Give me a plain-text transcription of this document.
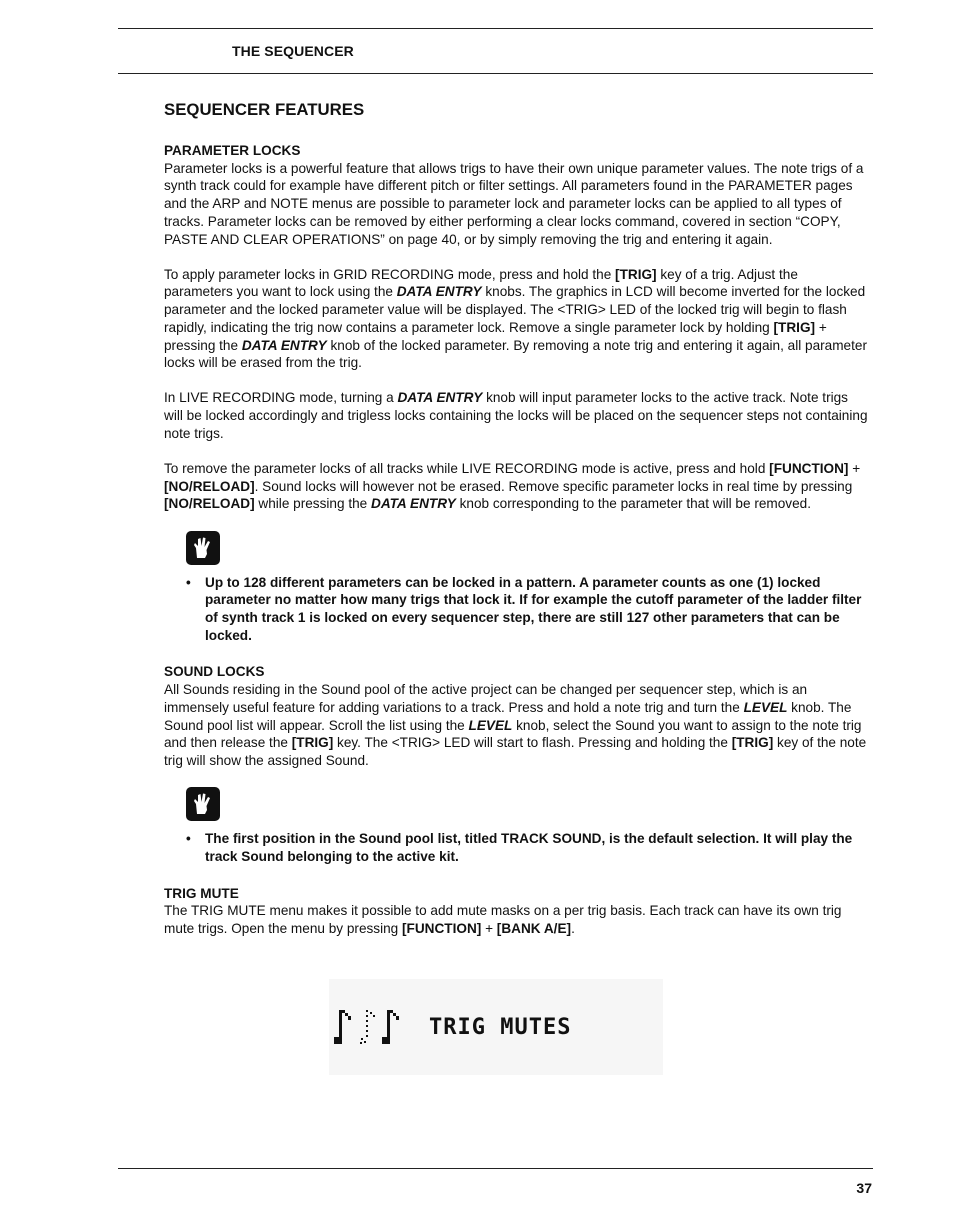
THE SEQUENCER
SEQUENCER FEATURES
PARAMETER LOCKS

Parameter locks is a powerful feature that allows trigs to have their own unique parameter values. The note trigs of a synth track could for example have different pitch or filter settings. All parameters found in the PARAMETER pages and the ARP and NOTE menus are possible to parameter lock and parameter locks can be applied to all types of tracks. Parameter locks can be removed by either performing a clear locks command, covered in section “COPY, PASTE AND CLEAR OPERATIONS” on page 40, or by simply removing the trig and entering it again.

To apply parameter locks in GRID RECORDING mode, press and hold the [TRIG] key of a trig. Adjust the parameters you want to lock using the DATA ENTRY knobs. The graphics in LCD will become inverted for the locked parameter and the locked parameter value will be displayed. The <TRIG> LED of the locked trig will begin to flash rapidly, indicating the trig now contains a parameter lock. Remove a single parameter lock by holding [TRIG] + pressing the DATA ENTRY knob of the locked parameter. By removing a note trig and entering it again, all parameter locks will be erased from the trig.

In LIVE RECORDING mode, turning a DATA ENTRY knob will input parameter locks to the active track. Note trigs will be locked accordingly and trigless locks containing the locks will be placed on the sequencer steps not containing note trigs.

To remove the parameter locks of all tracks while LIVE RECORDING mode is active, press and hold [FUNCTION] + [NO/RELOAD]. Sound locks will however not be erased. Remove specific parameter locks in real time by pressing [NO/RELOAD] while pressing the DATA ENTRY knob corresponding to the parameter that will be removed.

• Up to 128 different parameters can be locked in a pattern. A parameter counts as one (1) locked parameter no matter how many trigs that lock it. If for example the cutoff parameter of the ladder filter of synth track 1 is locked on every sequencer step, there are still 127 other parameters that can be locked.
SOUND LOCKS

All Sounds residing in the Sound pool of the active project can be changed per sequencer step, which is an immensely useful feature for adding variations to a track. Press and hold a note trig and turn the LEVEL knob. The Sound pool list will appear. Scroll the list using the LEVEL knob, select the Sound you want to assign to the note trig and then release the [TRIG] key. The <TRIG> LED will start to flash. Pressing and holding the [TRIG] key of the note trig will show the assigned Sound.

• The first position in the Sound pool list, titled TRACK SOUND, is the default selection. It will play the track Sound belonging to the active kit.
TRIG MUTE

The TRIG MUTE menu makes it possible to add mute masks on a per trig basis. Each track can have its own trig mute trigs. Open the menu by pressing [FUNCTION] + [BANK A/E].

TRIG MUTES
37
